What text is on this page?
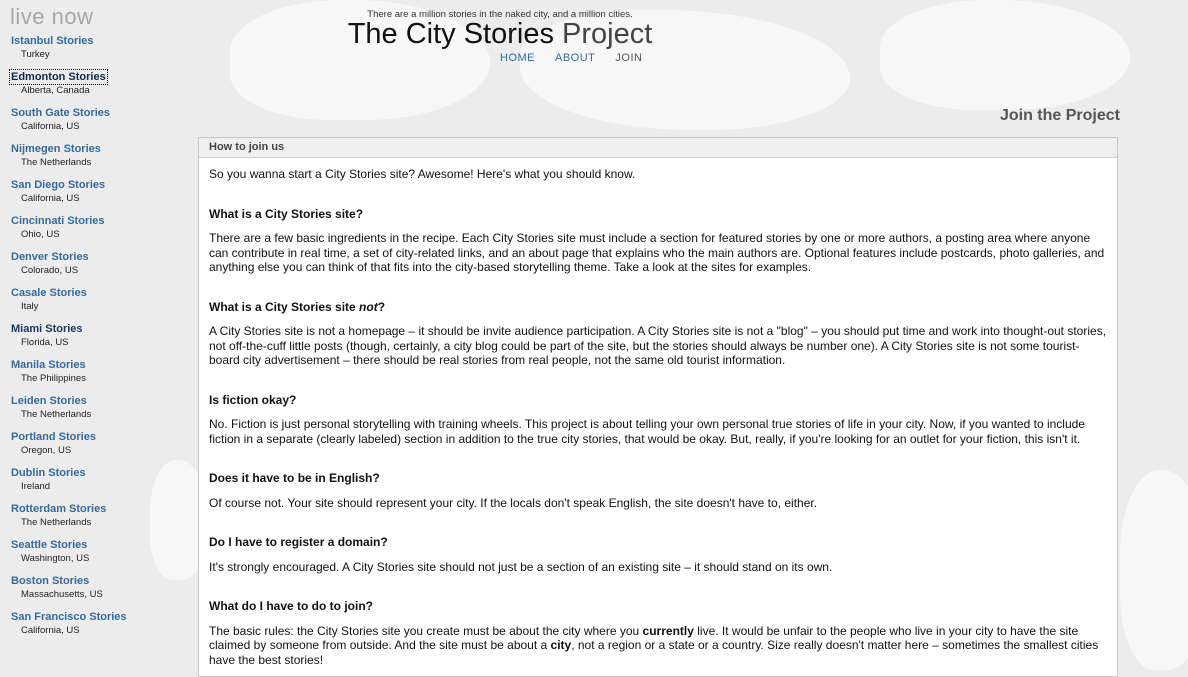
live now
Istanbul Stories
Turkey
Edmonton Stories
Alberta, Canada
South Gate Stories
California, US
Nijmegen Stories
The Netherlands
San Diego Stories
California, US
Cincinnati Stories
Ohio, US
Denver Stories
Colorado, US
Casale Stories
Italy
Miami Stories
Florida, US
Manila Stories
The Philippines
Leiden Stories
The Netherlands
Portland Stories
Oregon, US
Dublin Stories
Ireland
Rotterdam Stories
The Netherlands
Seattle Stories
Washington, US
Boston Stories
Massachusetts, US
San Francisco Stories
California, US
There are a million stories in the naked city, and a million cities.
The City Stories Project
HOME ABOUT JOIN
Join the Project
How to join us

So you wanna start a City Stories site? Awesome! Here's what you should know.

What is a City Stories site?

There are a few basic ingredients in the recipe. Each City Stories site must include a section for featured stories by one or more authors, a posting area where anyone can contribute in real time, a set of city-related links, and an about page that explains who the main authors are. Optional features include postcards, photo galleries, and anything else you can think of that fits into the city-based storytelling theme. Take a look at the sites for examples.

What is a City Stories site not?

A City Stories site is not a homepage – it should be invite audience participation. A City Stories site is not a "blog" – you should put time and work into thought-out stories, not off-the-cuff little posts (though, certainly, a city blog could be part of the site, but the stories should always be number one). A City Stories site is not some tourist-board city advertisement – there should be real stories from real people, not the same old tourist information.

Is fiction okay?

No. Fiction is just personal storytelling with training wheels. This project is about telling your own personal true stories of life in your city. Now, if you wanted to include fiction in a separate (clearly labeled) section in addition to the true city stories, that would be okay. But, really, if you're looking for an outlet for your fiction, this isn't it.

Does it have to be in English?

Of course not. Your site should represent your city. If the locals don't speak English, the site doesn't have to, either.

Do I have to register a domain?

It's strongly encouraged. A City Stories site should not just be a section of an existing site – it should stand on its own.

What do I have to do to join?

The basic rules: the City Stories site you create must be about the city where you currently live. It would be unfair to the people who live in your city to have the site claimed by someone from outside. And the site must be about a city, not a region or a state or a country. Size really doesn't matter here – sometimes the smallest cities have the best stories!
